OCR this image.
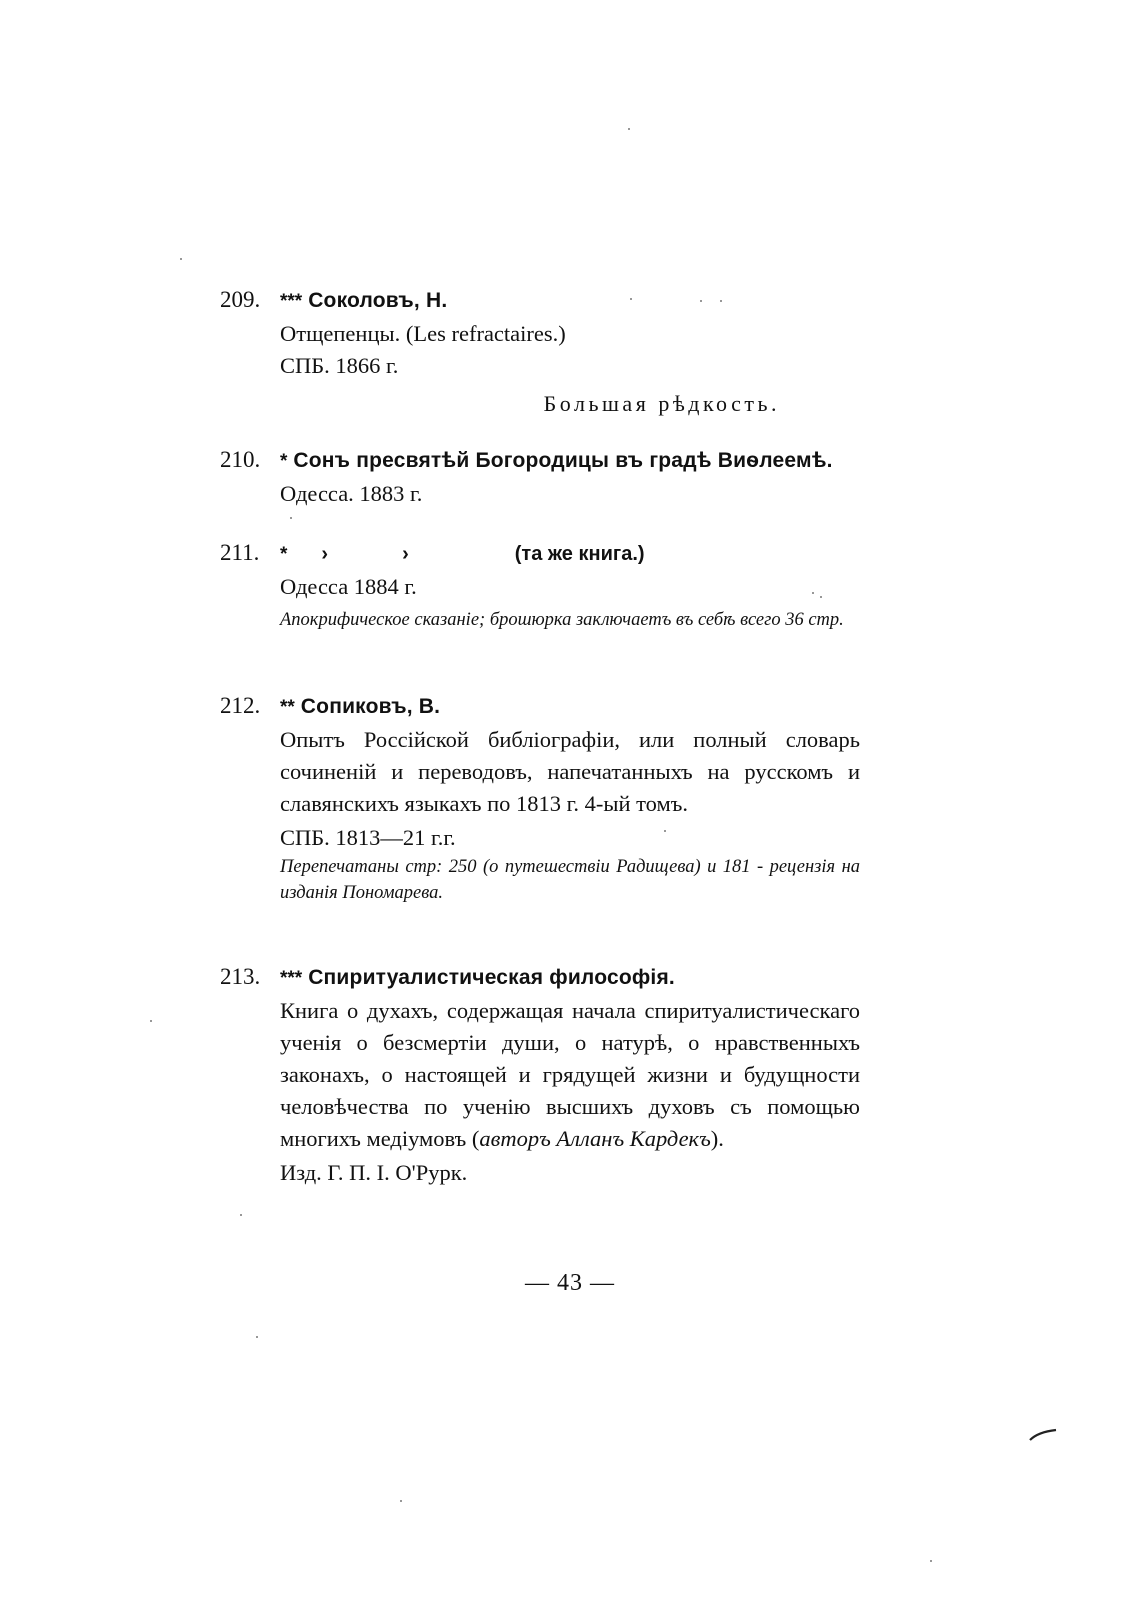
209. *** Соколовъ, Н.
Отщепенцы. (Les refractaires.)
СПБ. 1866 г.
Большая рѣдкость.
210. * Сонъ пресвятѣй Богородицы въ градѣ Виѳлеемѣ.
Одесса. 1883 г.
211. * ›	›	(та же книга.)
Одесса 1884 г.
Апокрифическое сказаніе; брошюрка заключаетъ въ себѣ всего 36 стр.
212. ** Сопиковъ, В.
Опытъ Россійской библіографіи, или полный словарь сочиненій и переводовъ, напечатанныхъ на русскомъ и славянскихъ языкахъ по 1813 г. 4-ый томъ.
СПБ. 1813—21 г.г.
Перепечатаны стр: 250 (о путешествіи Радищева) и 181 - рецензія на изданія Пономарева.
213. *** Спиритуалистическая философія.
Книга о духахъ, содержащая начала спиритуалистическаго ученія о безсмертіи души, о натурѣ, о нравственныхъ законахъ, о настоящей и грядущей жизни и будущности человѣчества по ученію высшихъ духовъ съ помощью многихъ медіумовъ (авторъ Алланъ Кардекъ).
Изд. Г. П. І. О'Рурк.
— 43 —
